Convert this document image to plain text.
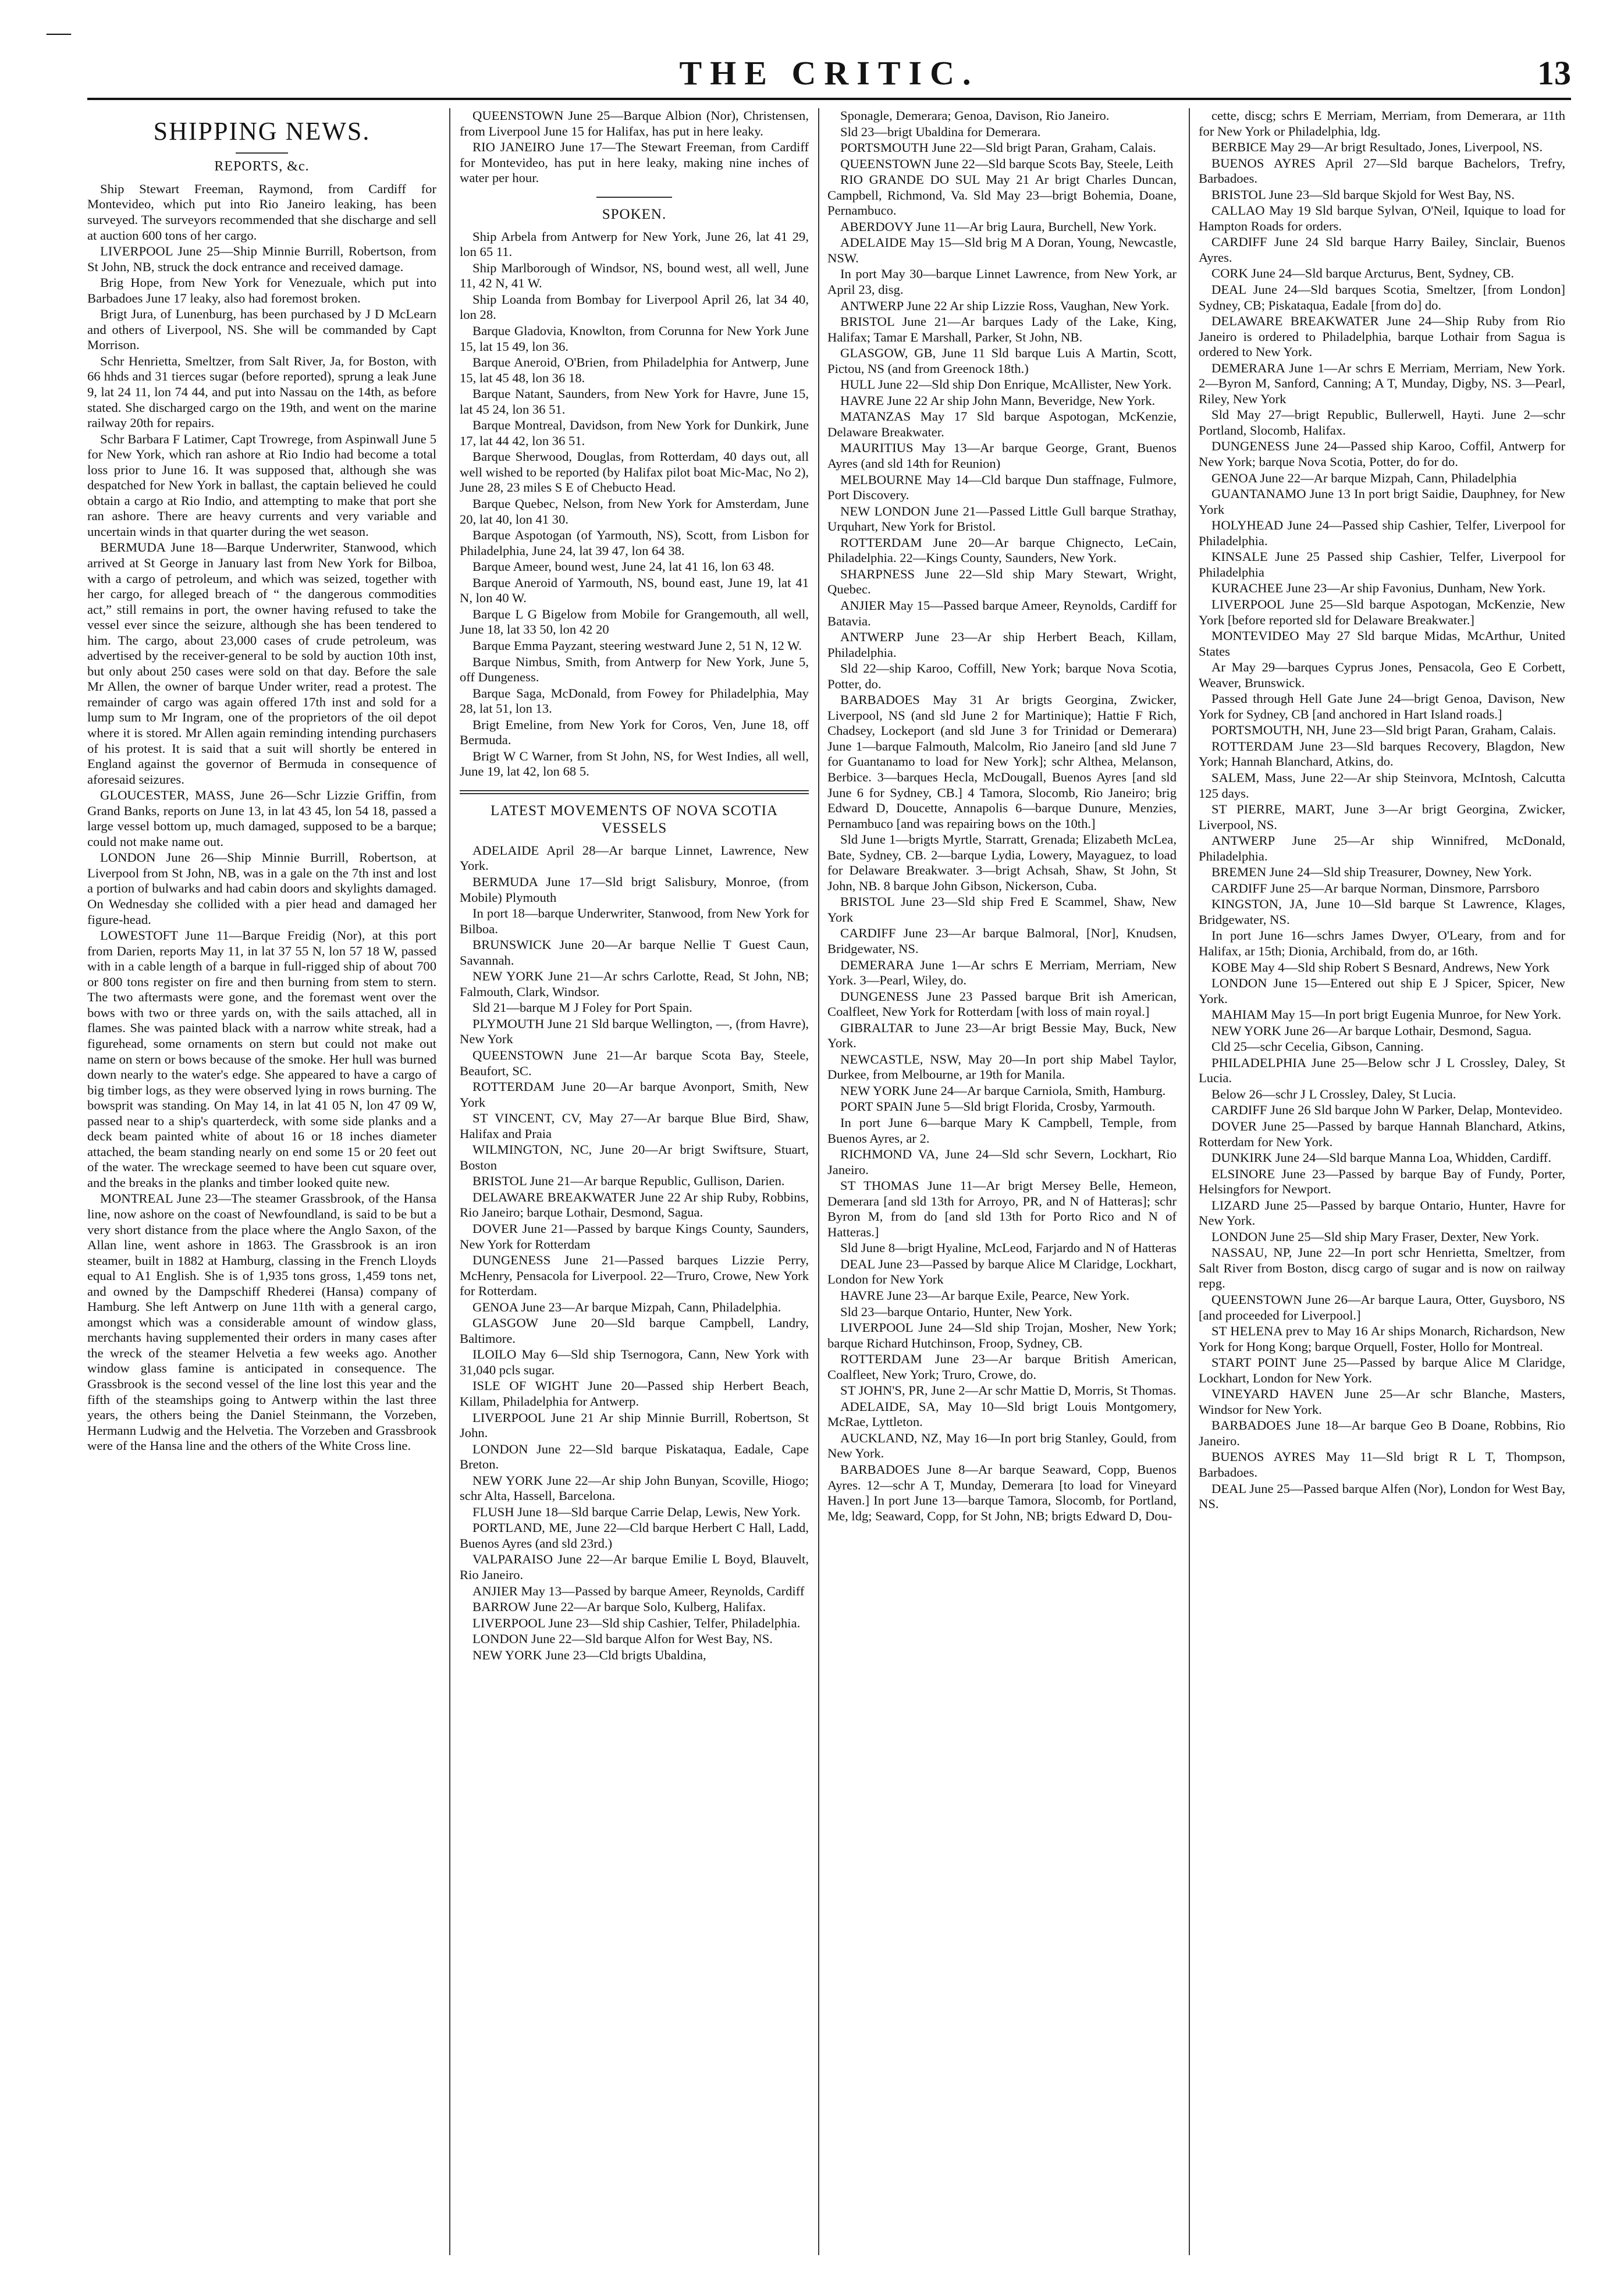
—
THE CRITIC.	13
SHIPPING NEWS.
REPORTS, &c.

Ship Stewart Freeman, Raymond, from Cardiff for Montevideo, which put into Rio Janeiro leaking, has been surveyed. The surveyors recommended that she discharge and sell at auction 600 tons of her cargo.

LIVERPOOL June 25—Ship Minnie Burrill, Robertson, from St John, NB, struck the dock entrance and received damage.

Brig Hope, from New York for Venezuale, which put into Barbadoes June 17 leaky, also had foremost broken.

Brigt Jura, of Lunenburg, has been purchased by J D McLearn and others of Liverpool, NS. She will be commanded by Capt Morrison.

Schr Henrietta, Smeltzer, from Salt River, Ja, for Boston, with 66 hhds and 31 tierces sugar (before reported), sprung a leak June 9, lat 24 11, lon 74 44, and put into Nassau on the 14th, as before stated. She discharged cargo on the 19th, and went on the marine railway 20th for repairs.

Schr Barbara F Latimer, Capt Trowrege, from Aspinwall June 5 for New York, which ran ashore at Rio Indio had become a total loss prior to June 16. It was supposed that, although she was despatched for New York in ballast, the captain believed he could obtain a cargo at Rio Indio, and attempting to make that port she ran ashore. There are heavy currents and very variable and uncertain winds in that quarter during the wet season.

BERMUDA June 18—Barque Underwriter, Stanwood, which arrived at St George in January last from New York for Bilboa, with a cargo of petroleum, and which was seized, together with her cargo, for alleged breach of “ the dangerous commodities act,” still remains in port, the owner having refused to take the vessel ever since the seizure, although she has been tendered to him. The cargo, about 23,000 cases of crude petroleum, was advertised by the receiver-general to be sold by auction 10th inst, but only about 250 cases were sold on that day. Before the sale Mr Allen, the owner of barque Under writer, read a protest. The remainder of cargo was again offered 17th inst and sold for a lump sum to Mr Ingram, one of the proprietors of the oil depot where it is stored. Mr Allen again reminding intending purchasers of his protest. It is said that a suit will shortly be entered in England against the governor of Bermuda in consequence of aforesaid seizures.

GLOUCESTER, MASS, June 26—Schr Lizzie Griffin, from Grand Banks, reports on June 13, in lat 43 45, lon 54 18, passed a large vessel bottom up, much damaged, supposed to be a barque; could not make name out.

LONDON June 26—Ship Minnie Burrill, Robertson, at Liverpool from St John, NB, was in a gale on the 7th inst and lost a portion of bulwarks and had cabin doors and skylights damaged. On Wednesday she collided with a pier head and damaged her figure-head.

LOWESTOFT June 11—Barque Freidig (Nor), at this port from Darien, reports May 11, in lat 37 55 N, lon 57 18 W, passed with in a cable length of a barque in full-rigged ship of about 700 or 800 tons register on fire and then burning from stem to stern. The two aftermasts were gone, and the foremast went over the bows with two or three yards on, with the sails attached, all in flames. She was painted black with a narrow white streak, had a figurehead, some ornaments on stern but could not make out name on stern or bows because of the smoke. Her hull was burned down nearly to the water's edge. She appeared to have a cargo of big timber logs, as they were observed lying in rows burning. The bowsprit was standing. On May 14, in lat 41 05 N, lon 47 09 W, passed near to a ship's quarterdeck, with some side planks and a deck beam painted white of about 16 or 18 inches diameter attached, the beam standing nearly on end some 15 or 20 feet out of the water. The wreckage seemed to have been cut square over, and the breaks in the planks and timber looked quite new.

MONTREAL June 23—The steamer Grassbrook, of the Hansa line, now ashore on the coast of Newfoundland, is said to be but a very short distance from the place where the Anglo Saxon, of the Allan line, went ashore in 1863. The Grassbrook is an iron steamer, built in 1882 at Hamburg, classing in the French Lloyds equal to A1 English. She is of 1,935 tons gross, 1,459 tons net, and owned by the Dampschiff Rhederei (Hansa) company of Hamburg. She left Antwerp on June 11th with a general cargo, amongst which was a considerable amount of window glass, merchants having supplemented their orders in many cases after the wreck of the steamer Helvetia a few weeks ago. Another window glass famine is anticipated in consequence. The Grassbrook is the second vessel of the line lost this year and the fifth of the steamships going to Antwerp within the last three years, the others being the Daniel Steinmann, the Vorzeben, Hermann Ludwig and the Helvetia. The Vorzeben and Grassbrook were of the Hansa line and the others of the White Cross line.

QUEENSTOWN June 25—Barque Albion (Nor), Christensen, from Liverpool June 15 for Halifax, has put in here leaky.

RIO JANEIRO June 17—The Stewart Freeman, from Cardiff for Montevideo, has put in here leaky, making nine inches of water per hour.

SPOKEN.

Ship Arbela from Antwerp for New York, June 26, lat 41 29, lon 65 11.

Ship Marlborough of Windsor, NS, bound west, all well, June 11, 42 N, 41 W.

Ship Loanda from Bombay for Liverpool April 26, lat 34 40, lon 28.

Barque Gladovia, Knowlton, from Corunna for New York June 15, lat 15 49, lon 36.

Barque Aneroid, O'Brien, from Philadelphia for Antwerp, June 15, lat 45 48, lon 36 18.

Barque Natant, Saunders, from New York for Havre, June 15, lat 45 24, lon 36 51.

Barque Montreal, Davidson, from New York for Dunkirk, June 17, lat 44 42, lon 36 51.

Barque Sherwood, Douglas, from Rotterdam, 40 days out, all well wished to be reported (by Halifax pilot boat Mic-Mac, No 2), June 28, 23 miles S E of Chebucto Head.

Barque Quebec, Nelson, from New York for Amsterdam, June 20, lat 40, lon 41 30.

Barque Aspotogan (of Yarmouth, NS), Scott, from Lisbon for Philadelphia, June 24, lat 39 47, lon 64 38.

Barque Ameer, bound west, June 24, lat 41 16, lon 63 48.

Barque Aneroid of Yarmouth, NS, bound east, June 19, lat 41 N, lon 40 W.

Barque L G Bigelow from Mobile for Grangemouth, all well, June 18, lat 33 50, lon 42 20

Barque Emma Payzant, steering westward June 2, 51 N, 12 W.

Barque Nimbus, Smith, from Antwerp for New York, June 5, off Dungeness.

Barque Saga, McDonald, from Fowey for Philadelphia, May 28, lat 51, lon 13.

Brigt Emeline, from New York for Coros, Ven, June 18, off Bermuda.

Brigt W C Warner, from St John, NS, for West Indies, all well, June 19, lat 42, lon 68 5.

LATEST MOVEMENTS OF NOVA SCOTIA VESSELS

ADELAIDE April 28—Ar barque Linnet, Lawrence, New York.

BERMUDA June 17—Sld brigt Salisbury, Monroe, (from Mobile) Plymouth

In port 18—barque Underwriter, Stanwood, from New York for Bilboa.

BRUNSWICK June 20—Ar barque Nellie T Guest Caun, Savannah.

NEW YORK June 21—Ar schrs Carlotte, Read, St John, NB; Falmouth, Clark, Windsor.

Sld 21—barque M J Foley for Port Spain.

PLYMOUTH June 21 Sld barque Wellington, —, (from Havre), New York

QUEENSTOWN June 21—Ar barque Scota Bay, Steele, Beaufort, SC.

ROTTERDAM June 20—Ar barque Avonport, Smith, New York

ST VINCENT, CV, May 27—Ar barque Blue Bird, Shaw, Halifax and Praia

WILMINGTON, NC, June 20—Ar brigt Swiftsure, Stuart, Boston

BRISTOL June 21—Ar barque Republic, Gullison, Darien.

DELAWARE BREAKWATER June 22 Ar ship Ruby, Robbins, Rio Janeiro; barque Lothair, Desmond, Sagua.

DOVER June 21—Passed by barque Kings County, Saunders, New York for Rotterdam

DUNGENESS June 21—Passed barques Lizzie Perry, McHenry, Pensacola for Liverpool. 22—Truro, Crowe, New York for Rotterdam.

GENOA June 23—Ar barque Mizpah, Cann, Philadelphia.

GLASGOW June 20—Sld barque Campbell, Landry, Baltimore.

ILOILO May 6—Sld ship Tsernogora, Cann, New York with 31,040 pcls sugar.

ISLE OF WIGHT June 20—Passed ship Herbert Beach, Killam, Philadelphia for Antwerp.

LIVERPOOL June 21 Ar ship Minnie Burrill, Robertson, St John.

LONDON June 22—Sld barque Piskataqua, Eadale, Cape Breton.

NEW YORK June 22—Ar ship John Bunyan, Scoville, Hiogo; schr Alta, Hassell, Barcelona.

FLUSH June 18—Sld barque Carrie Delap, Lewis, New York.

PORTLAND, ME, June 22—Cld barque Herbert C Hall, Ladd, Buenos Ayres (and sld 23rd.)

VALPARAISO June 22—Ar barque Emilie L Boyd, Blauvelt, Rio Janeiro.

ANJIER May 13—Passed by barque Ameer, Reynolds, Cardiff

BARROW June 22—Ar barque Solo, Kulberg, Halifax.

LIVERPOOL June 23—Sld ship Cashier, Telfer, Philadelphia.

LONDON June 22—Sld barque Alfon for West Bay, NS.

NEW YORK June 23—Cld brigts Ubaldina,

Sponagle, Demerara; Genoa, Davison, Rio Janeiro.

Sld 23—brigt Ubaldina for Demerara.

PORTSMOUTH June 22—Sld brigt Paran, Graham, Calais.

QUEENSTOWN June 22—Sld barque Scots Bay, Steele, Leith

RIO GRANDE DO SUL May 21 Ar brigt Charles Duncan, Campbell, Richmond, Va. Sld May 23—brigt Bohemia, Doane, Pernambuco.

ABERDOVY June 11—Ar brig Laura, Burchell, New York.

ADELAIDE May 15—Sld brig M A Doran, Young, Newcastle, NSW.

In port May 30—barque Linnet Lawrence, from New York, ar April 23, disg.

ANTWERP June 22 Ar ship Lizzie Ross, Vaughan, New York.

BRISTOL June 21—Ar barques Lady of the Lake, King, Halifax; Tamar E Marshall, Parker, St John, NB.

GLASGOW, GB, June 11 Sld barque Luis A Martin, Scott, Pictou, NS (and from Greenock 18th.)

HULL June 22—Sld ship Don Enrique, McAllister, New York.

HAVRE June 22 Ar ship John Mann, Beveridge, New York.

MATANZAS May 17 Sld barque Aspotogan, McKenzie, Delaware Breakwater.

MAURITIUS May 13—Ar barque George, Grant, Buenos Ayres (and sld 14th for Reunion)

MELBOURNE May 14—Cld barque Dun staffnage, Fulmore, Port Discovery.

NEW LONDON June 21—Passed Little Gull barque Strathay, Urquhart, New York for Bristol.

ROTTERDAM June 20—Ar barque Chignecto, LeCain, Philadelphia. 22—Kings County, Saunders, New York.

SHARPNESS June 22—Sld ship Mary Stewart, Wright, Quebec.

ANJIER May 15—Passed barque Ameer, Reynolds, Cardiff for Batavia.

ANTWERP June 23—Ar ship Herbert Beach, Killam, Philadelphia.

Sld 22—ship Karoo, Coffill, New York; barque Nova Scotia, Potter, do.

BARBADOES May 31 Ar brigts Georgina, Zwicker, Liverpool, NS (and sld June 2 for Martinique); Hattie F Rich, Chadsey, Lockeport (and sld June 3 for Trinidad or Demerara) June 1—barque Falmouth, Malcolm, Rio Janeiro [and sld June 7 for Guantanamo to load for New York]; schr Althea, Melanson, Berbice. 3—barques Hecla, McDougall, Buenos Ayres [and sld June 6 for Sydney, CB.] 4 Tamora, Slocomb, Rio Janeiro; brig Edward D, Doucette, Annapolis 6—barque Dunure, Menzies, Pernambuco [and was repairing bows on the 10th.]

Sld June 1—brigts Myrtle, Starratt, Grenada; Elizabeth McLea, Bate, Sydney, CB. 2—barque Lydia, Lowery, Mayaguez, to load for Delaware Breakwater. 3—brigt Achsah, Shaw, St John, St John, NB. 8 barque John Gibson, Nickerson, Cuba.

BRISTOL June 23—Sld ship Fred E Scammel, Shaw, New York

CARDIFF June 23—Ar barque Balmoral, [Nor], Knudsen, Bridgewater, NS.

DEMERARA June 1—Ar schrs E Merriam, Merriam, New York. 3—Pearl, Wiley, do.

DUNGENESS June 23 Passed barque Brit ish American, Coalfleet, New York for Rotterdam [with loss of main royal.]

GIBRALTAR to June 23—Ar brigt Bessie May, Buck, New York.

NEWCASTLE, NSW, May 20—In port ship Mabel Taylor, Durkee, from Melbourne, ar 19th for Manila.

NEW YORK June 24—Ar barque Carniola, Smith, Hamburg.

PORT SPAIN June 5—Sld brigt Florida, Crosby, Yarmouth.

In port June 6—barque Mary K Campbell, Temple, from Buenos Ayres, ar 2.

RICHMOND VA, June 24—Sld schr Severn, Lockhart, Rio Janeiro.

ST THOMAS June 11—Ar brigt Mersey Belle, Hemeon, Demerara [and sld 13th for Arroyo, PR, and N of Hatteras]; schr Byron M, from do [and sld 13th for Porto Rico and N of Hatteras.]

Sld June 8—brigt Hyaline, McLeod, Farjardo and N of Hatteras

DEAL June 23—Passed by barque Alice M Claridge, Lockhart, London for New York

HAVRE June 23—Ar barque Exile, Pearce, New York.

Sld 23—barque Ontario, Hunter, New York.

LIVERPOOL June 24—Sld ship Trojan, Mosher, New York; barque Richard Hutchinson, Froop, Sydney, CB.

ROTTERDAM June 23—Ar barque British American, Coalfleet, New York; Truro, Crowe, do.

ST JOHN'S, PR, June 2—Ar schr Mattie D, Morris, St Thomas.

ADELAIDE, SA, May 10—Sld brigt Louis Montgomery, McRae, Lyttleton.

AUCKLAND, NZ, May 16—In port brig Stanley, Gould, from New York.

BARBADOES June 8—Ar barque Seaward, Copp, Buenos Ayres. 12—schr A T, Munday, Demerara [to load for Vineyard Haven.] In port June 13—barque Tamora, Slocomb, for Portland, Me, ldg; Seaward, Copp, for St John, NB; brigts Edward D, Dou-

cette, discg; schrs E Merriam, Merriam, from Demerara, ar 11th for New York or Philadelphia, ldg.

BERBICE May 29—Ar brigt Resultado, Jones, Liverpool, NS.

BUENOS AYRES April 27—Sld barque Bachelors, Trefry, Barbadoes.

BRISTOL June 23—Sld barque Skjold for West Bay, NS.

CALLAO May 19 Sld barque Sylvan, O'Neil, Iquique to load for Hampton Roads for orders.

CARDIFF June 24 Sld barque Harry Bailey, Sinclair, Buenos Ayres.

CORK June 24—Sld barque Arcturus, Bent, Sydney, CB.

DEAL June 24—Sld barques Scotia, Smeltzer, [from London] Sydney, CB; Piskataqua, Eadale [from do] do.

DELAWARE BREAKWATER June 24—Ship Ruby from Rio Janeiro is ordered to Philadelphia, barque Lothair from Sagua is ordered to New York.

DEMERARA June 1—Ar schrs E Merriam, Merriam, New York. 2—Byron M, Sanford, Canning; A T, Munday, Digby, NS. 3—Pearl, Riley, New York

Sld May 27—brigt Republic, Bullerwell, Hayti. June 2—schr Portland, Slocomb, Halifax.

DUNGENESS June 24—Passed ship Karoo, Coffil, Antwerp for New York; barque Nova Scotia, Potter, do for do.

GENOA June 22—Ar barque Mizpah, Cann, Philadelphia

GUANTANAMO June 13 In port brigt Saidie, Dauphney, for New York

HOLYHEAD June 24—Passed ship Cashier, Telfer, Liverpool for Philadelphia.

KINSALE June 25 Passed ship Cashier, Telfer, Liverpool for Philadelphia

KURACHEE June 23—Ar ship Favonius, Dunham, New York.

LIVERPOOL June 25—Sld barque Aspotogan, McKenzie, New York [before reported sld for Delaware Breakwater.]

MONTEVIDEO May 27 Sld barque Midas, McArthur, United States

Ar May 29—barques Cyprus Jones, Pensacola, Geo E Corbett, Weaver, Brunswick.

Passed through Hell Gate June 24—brigt Genoa, Davison, New York for Sydney, CB [and anchored in Hart Island roads.]

PORTSMOUTH, NH, June 23—Sld brigt Paran, Graham, Calais.

ROTTERDAM June 23—Sld barques Recovery, Blagdon, New York; Hannah Blanchard, Atkins, do.

SALEM, Mass, June 22—Ar ship Steinvora, McIntosh, Calcutta 125 days.

ST PIERRE, MART, June 3—Ar brigt Georgina, Zwicker, Liverpool, NS.

ANTWERP June 25—Ar ship Winnifred, McDonald, Philadelphia.

BREMEN June 24—Sld ship Treasurer, Downey, New York.

CARDIFF June 25—Ar barque Norman, Dinsmore, Parrsboro

KINGSTON, JA, June 10—Sld barque St Lawrence, Klages, Bridgewater, NS.

In port June 16—schrs James Dwyer, O'Leary, from and for Halifax, ar 15th; Dionia, Archibald, from do, ar 16th.

KOBE May 4—Sld ship Robert S Besnard, Andrews, New York

LONDON June 15—Entered out ship E J Spicer, Spicer, New York.

MAHIAM May 15—In port brigt Eugenia Munroe, for New York.

NEW YORK June 26—Ar barque Lothair, Desmond, Sagua.

Cld 25—schr Cecelia, Gibson, Canning.

PHILADELPHIA June 25—Below schr J L Crossley, Daley, St Lucia.

Below 26—schr J L Crossley, Daley, St Lucia.

CARDIFF June 26 Sld barque John W Parker, Delap, Montevideo.

DOVER June 25—Passed by barque Hannah Blanchard, Atkins, Rotterdam for New York.

DUNKIRK June 24—Sld barque Manna Loa, Whidden, Cardiff.

ELSINORE June 23—Passed by barque Bay of Fundy, Porter, Helsingfors for Newport.

LIZARD June 25—Passed by barque Ontario, Hunter, Havre for New York.

LONDON June 25—Sld ship Mary Fraser, Dexter, New York.

NASSAU, NP, June 22—In port schr Henrietta, Smeltzer, from Salt River from Boston, discg cargo of sugar and is now on railway repg.

QUEENSTOWN June 26—Ar barque Laura, Otter, Guysboro, NS [and proceeded for Liverpool.]

ST HELENA prev to May 16 Ar ships Monarch, Richardson, New York for Hong Kong; barque Orquell, Foster, Hollo for Montreal.

START POINT June 25—Passed by barque Alice M Claridge, Lockhart, London for New York.

VINEYARD HAVEN June 25—Ar schr Blanche, Masters, Windsor for New York.

BARBADOES June 18—Ar barque Geo B Doane, Robbins, Rio Janeiro.

BUENOS AYRES May 11—Sld brigt R L T, Thompson, Barbadoes.

DEAL June 25—Passed barque Alfen (Nor), London for West Bay, NS.
